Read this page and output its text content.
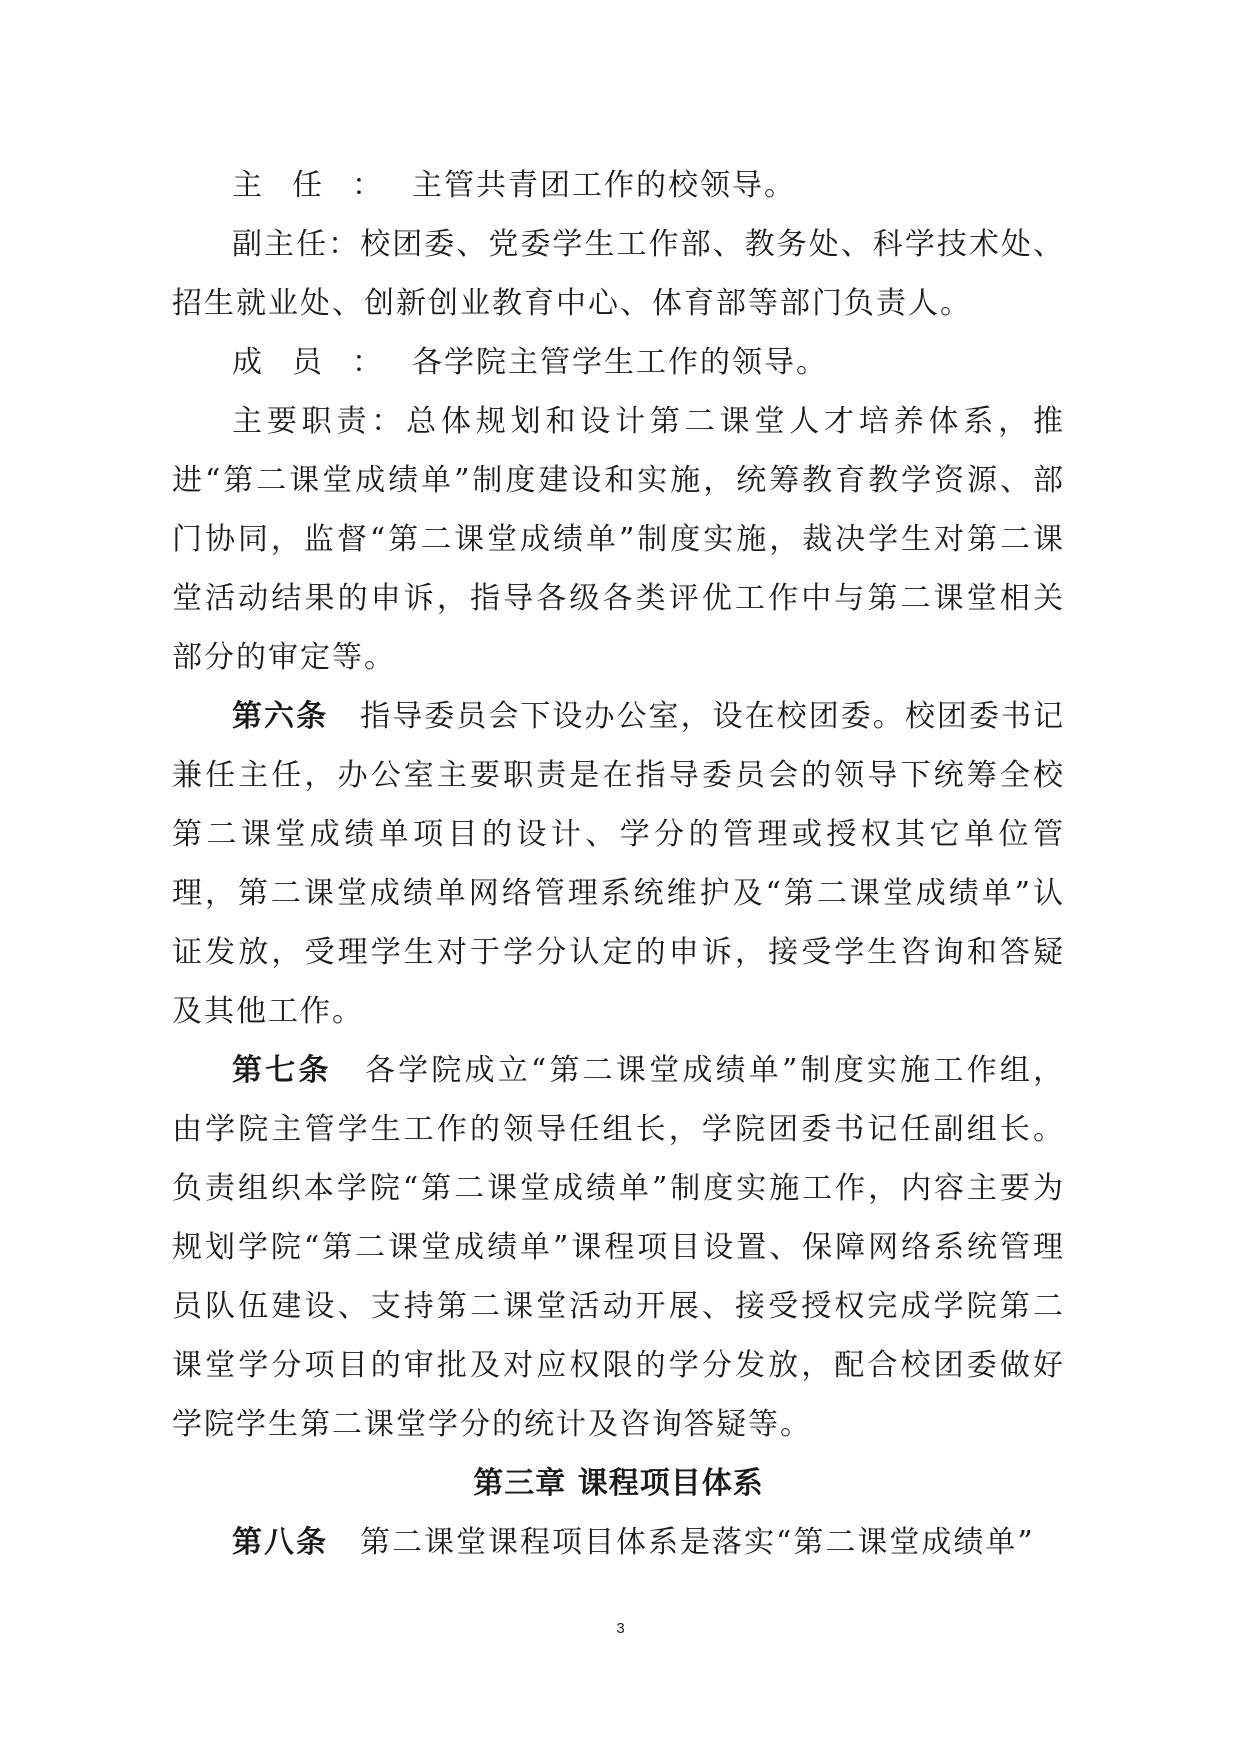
主任：主管共青团工作的校领导。

副主任：校团委、党委学生工作部、教务处、科学技术处、招生就业处、创新创业教育中心、体育部等部门负责人。

成员：各学院主管学生工作的领导。

主要职责：总体规划和设计第二课堂人才培养体系，推进“第二课堂成绩单”制度建设和实施，统筹教育教学资源、部门协同，监督“第二课堂成绩单”制度实施，裁决学生对第二课堂活动结果的申诉，指导各级各类评优工作中与第二课堂相关部分的审定等。

第六条 指导委员会下设办公室，设在校团委。校团委书记兼任主任，办公室主要职责是在指导委员会的领导下统筹全校第二课堂成绩单项目的设计、学分的管理或授权其它单位管理，第二课堂成绩单网络管理系统维护及“第二课堂成绩单”认证发放，受理学生对于学分认定的申诉，接受学生咨询和答疑及其他工作。

第七条 各学院成立“第二课堂成绩单”制度实施工作组，由学院主管学生工作的领导任组长，学院团委书记任副组长。负责组织本学院“第二课堂成绩单”制度实施工作，内容主要为规划学院“第二课堂成绩单”课程项目设置、保障网络系统管理员队伍建设、支持第二课堂活动开展、接受授权完成学院第二课堂学分项目的审批及对应权限的学分发放，配合校团委做好学院学生第二课堂学分的统计及咨询答疑等。

第三章 课程项目体系

第八条 第二课堂课程项目体系是落实“第二课堂成绩单”

3
